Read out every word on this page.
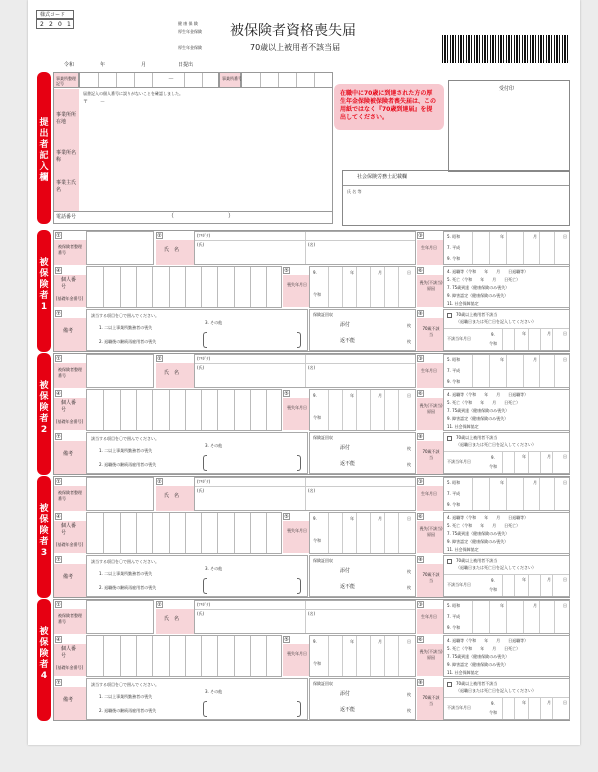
様式コード
2 2 0 1	健 康 保 険
厚生年金保険
厚生年金保険
被保険者資格喪失届
70歳以上被用者不該当届
令和	年	月	日提出
提出者記入欄
事業所整理記号
－	事業所番号
届書記入の個人番号に誤りがないことを確認しました。
〒 －
事業所所在地
事業所名称
事業主氏名
電話番号	（	）
在職中に70歳に到達された方の厚生年金保険被保険者喪失届は、この用紙ではなく『70歳到達届』を提出してください。
受付印
社会保険労務士記載欄
氏 名 等
被保険者1
①
被保険者整理番号
②
氏　名
(ﾌﾘｶﾞﾅ)
(氏)	(名)
③
生年月日
5. 昭和
7. 平成
9. 令和
年	月	日
④
個人番号
[基礎年金番号]
⑤
喪失年月日
9.
令和
年	月	日 ⑥
喪失(不該当)原因
4. 退職等（令和　　年　　月　　日退職等）
5. 死亡（令和　　年　　月　　日死亡）
7. 75歳到達（健康保険のみ喪失）
9. 障害認定（健康保険のみ喪失）
11. 社会保障協定
⑦
備考
該当する項目を〇で囲んでください。
1. 二以上事業所勤務者の喪失
2. 退職後の継続再雇用者の喪失
3. その他
保険証回収
添付	枚
返不能	枚
⑧
70歳不該当
70歳以上被用者不該当
（退職日または死亡日を記入してください）
不該当年月日
9.
令和
年	月	日
被保険者2
①
被保険者整理番号
②
氏　名
(ﾌﾘｶﾞﾅ)
(氏)	(名)
③
生年月日
5. 昭和
7. 平成
9. 令和
年	月	日
④
個人番号
[基礎年金番号]
⑤
喪失年月日
9.
令和
年	月	日 ⑥
喪失(不該当)原因
4. 退職等（令和　　年　　月　　日退職等）
5. 死亡（令和　　年　　月　　日死亡）
7. 75歳到達（健康保険のみ喪失）
9. 障害認定（健康保険のみ喪失）
11. 社会保障協定
⑦
備考
該当する項目を〇で囲んでください。
1. 二以上事業所勤務者の喪失
2. 退職後の継続再雇用者の喪失
3. その他
保険証回収
添付	枚
返不能	枚
⑧
70歳不該当
70歳以上被用者不該当
（退職日または死亡日を記入してください）
不該当年月日
9.
令和
年	月	日
被保険者3
①
被保険者整理番号
②
氏　名
(ﾌﾘｶﾞﾅ)
(氏)	(名)
③
生年月日
5. 昭和
7. 平成
9. 令和
年	月	日
④
個人番号
[基礎年金番号]
⑤
喪失年月日
9.
令和
年	月	日 ⑥
喪失(不該当)原因
4. 退職等（令和　　年　　月　　日退職等）
5. 死亡（令和　　年　　月　　日死亡）
7. 75歳到達（健康保険のみ喪失）
9. 障害認定（健康保険のみ喪失）
11. 社会保障協定
⑦
備考
該当する項目を〇で囲んでください。
1. 二以上事業所勤務者の喪失
2. 退職後の継続再雇用者の喪失
3. その他
保険証回収
添付	枚
返不能	枚
⑧
70歳不該当
70歳以上被用者不該当
（退職日または死亡日を記入してください）
不該当年月日
9.
令和
年	月	日
被保険者4
①
被保険者整理番号
②
氏　名
(ﾌﾘｶﾞﾅ)
(氏)	(名)
③
生年月日
5. 昭和
7. 平成
9. 令和
年	月	日
④
個人番号
[基礎年金番号]
⑤
喪失年月日
9.
令和
年	月	日 ⑥
喪失(不該当)原因
4. 退職等（令和　　年　　月　　日退職等）
5. 死亡（令和　　年　　月　　日死亡）
7. 75歳到達（健康保険のみ喪失）
9. 障害認定（健康保険のみ喪失）
11. 社会保障協定
⑦
備考
該当する項目を〇で囲んでください。
1. 二以上事業所勤務者の喪失
2. 退職後の継続再雇用者の喪失
3. その他
保険証回収
添付	枚
返不能	枚
⑧
70歳不該当
70歳以上被用者不該当
（退職日または死亡日を記入してください）
不該当年月日
9.
令和
年	月	日
